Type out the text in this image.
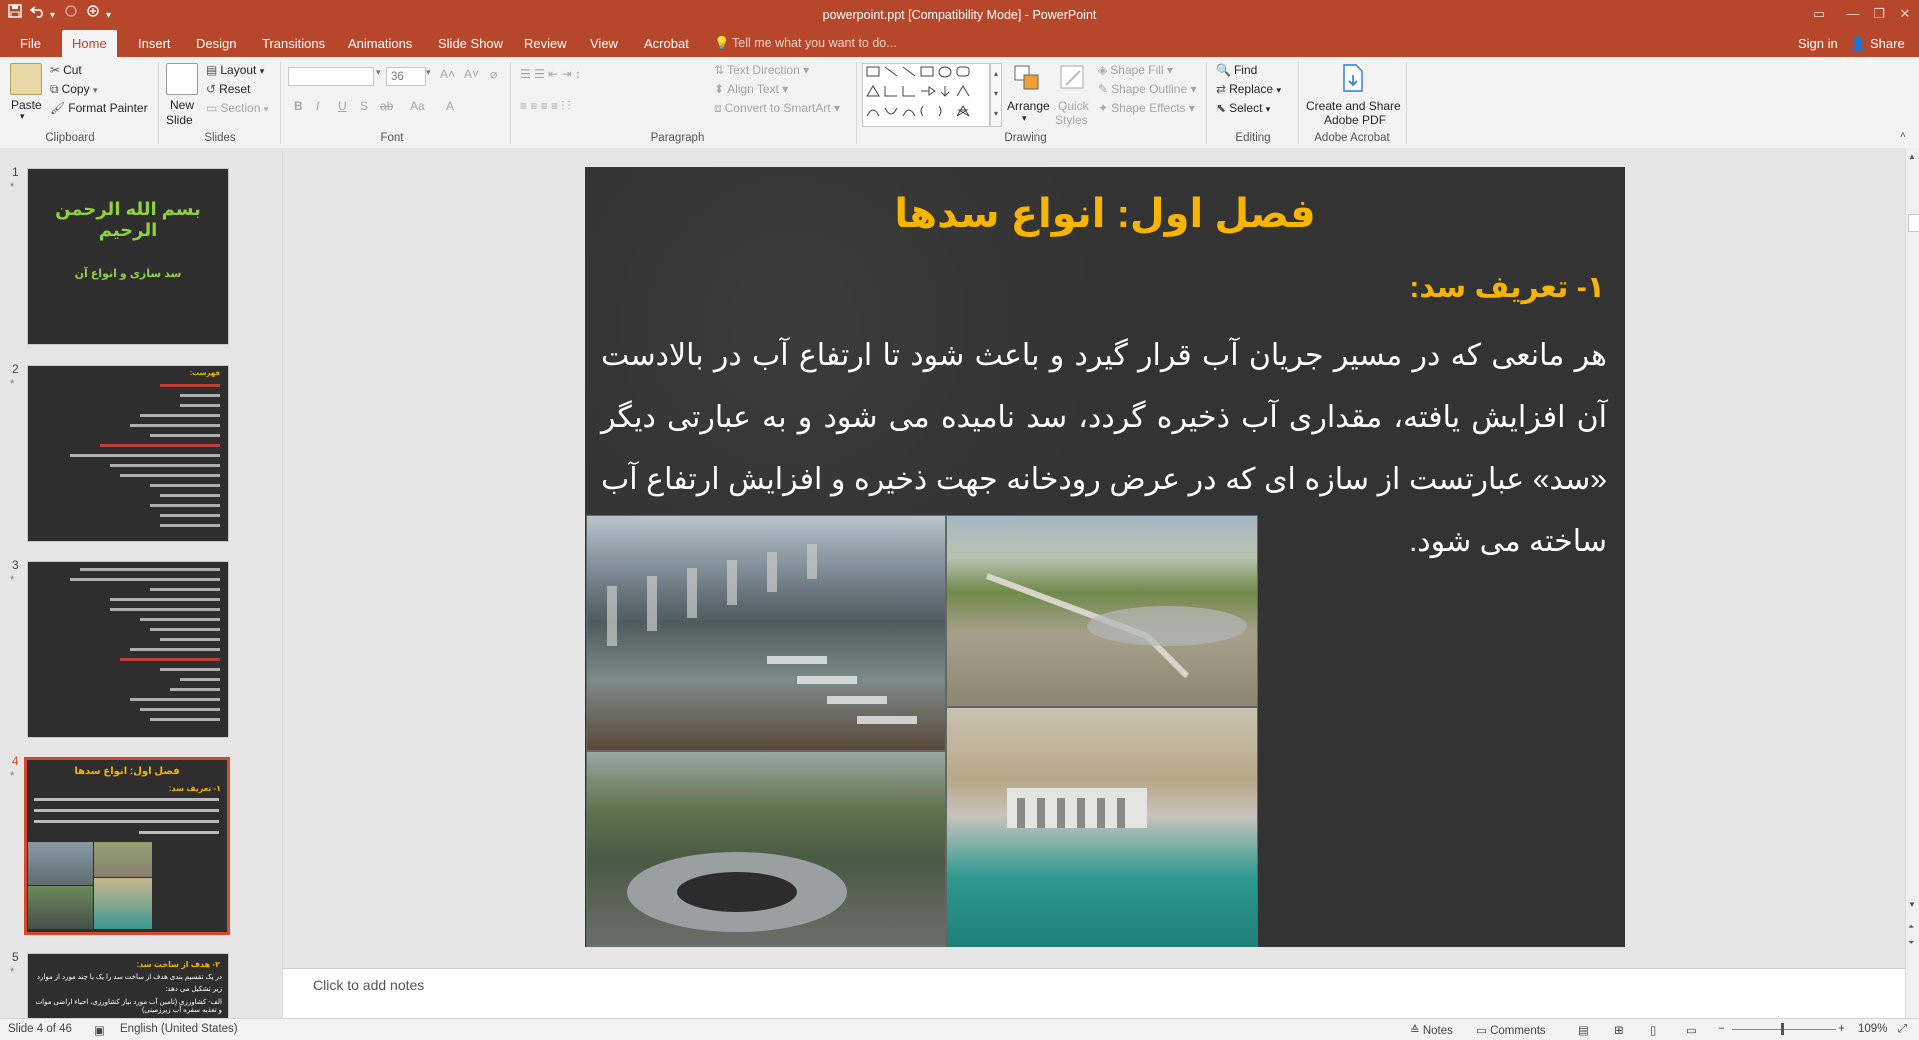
▾	▾	powerpoint.ppt [Compatibility Mode] - PowerPoint	▭	—	❐	✕
File	Home	Insert	Design	Transitions	Animations	Slide Show	Review	View	Acrobat	💡 Tell me what you want to do...	Sign in 👤 Share
Paste
▾
✂ Cut
⧉ Copy ▾
🖌 Format Painter
Clipboard
New
Slide
▤ Layout ▾
↺ Reset
▭ Section ▾
Slides
▾ 36	▾ A˄ A˅ ⌀
B I U S ab Aa A
Font
☰ ☰ ⇤ ⇥ ↕
≡ ≡ ≡ ≡ ⫶ ⫶
⇅ Text Direction ▾
⬍ Align Text ▾
⧈ Convert to SmartArt ▾
Paragraph
▴
▾
▾
Arrange
▾
Quick
Styles
◈ Shape Fill ▾
✎ Shape Outline ▾
✦ Shape Effects ▾
Drawing
🔍 Find
⇄ Replace ▾
⬉ Select ▾
Editing
Create and Share
Adobe PDF
Adobe Acrobat	˄
1
*
بسم الله الرحمن الرحیم
سد سازی و انواع آن
2
*
فهرست:
3
*
4
*	فصل اول: انواع سدها
۱- تعریف سد:
5
*
۲- هدف از ساخت سد:
در یک تقسیم بندی هدف از ساخت سد را یک یا چند مورد از موارد زیر تشکیل می دهد:
الف- کشاورزی (تامین آب مورد نیاز کشاورزی، احیاء اراضی موات و تغذیه سفره آب زیرزمینی)
فصل اول: انواع سدها
۱- تعریف سد:
هر مانعی که در مسیر جریان آب قرار گیرد و باعث شود تا ارتفاع آب در بالادست آن افزایش یافته، مقداری آب ذخیره گردد، سد نامیده می شود و به عبارتی دیگر «سد» عبارتست از سازه ای که در عرض رودخانه جهت ذخیره و افزایش ارتفاع آب ساخته می شود.
▲
▼
⏶
⏷
Click to add notes
Slide 4 of 46 ▣ English (United States)	≙ Notes ▭ Comments	▤ ⊞ ▯	▭ −	+ 109% ⤢
